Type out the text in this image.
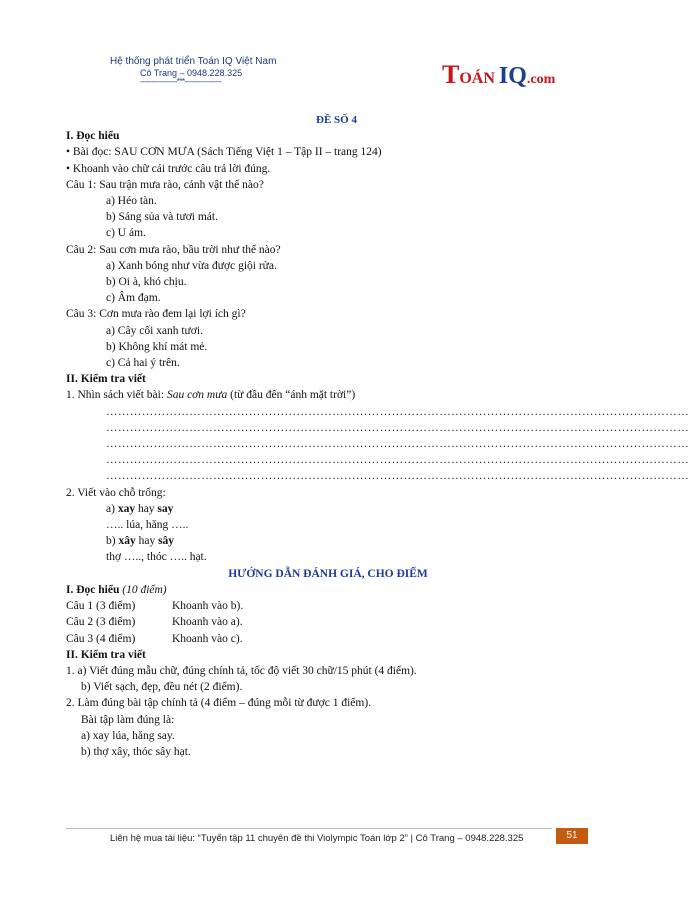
Hệ thống phát triển Toán IQ Việt Nam
Cô Trang – 0948.228.325
-----------------***-----------------	TOÁN IQ.com
ĐỀ SỐ 4
I. Đọc hiểu
• Bài đọc: SAU CƠN MƯA (Sách Tiếng Việt 1 – Tập II – trang 124)
• Khoanh vào chữ cái trước câu trả lời đúng.
Câu 1: Sau trận mưa rào, cảnh vật thế nào?
a) Héo tàn.
b) Sáng sủa và tươi mát.
c) U ám.
Câu 2: Sau cơn mưa rào, bầu trời như thế nào?
a) Xanh bóng như vừa được giội rửa.
b) Oi à, khó chịu.
c) Âm đạm.
Câu 3: Cơn mưa rào đem lại lợi ích gì?
a) Cây cối xanh tươi.
b) Không khí mát mẻ.
c) Cả hai ý trên.
II. Kiểm tra viết
1. Nhìn sách viết bài: Sau cơn mưa (từ đầu đến “ánh mặt trời”)
…………………………………………………………………………………………………………………………………
…………………………………………………………………………………………………………………………………
…………………………………………………………………………………………………………………………………
…………………………………………………………………………………………………………………………………
…………………………………………………………………………………………………………………………………
2. Viết vào chỗ trống:
a) xay hay say
….. lúa, hăng …..
b) xây hay sây
thợ ….., thóc ….. hạt.
HƯỚNG DẪN ĐÁNH GIÁ, CHO ĐIỂM
I. Đọc hiểu (10 điểm)
Câu 1 (3 điểm)	Khoanh vào b).
Câu 2 (3 điểm)	Khoanh vào a).
Câu 3 (4 điểm)	Khoanh vào c).
II. Kiểm tra viết
1. a) Viết đúng mẫu chữ, đúng chính tả, tốc độ viết 30 chữ/15 phút (4 điểm).
b) Viết sạch, đẹp, đều nét (2 điểm).
2. Làm đúng bài tập chính tả (4 điểm – đúng mỗi từ được 1 điểm).
Bài tập làm đúng là:
a) xay lúa, hăng say.
b) thợ xây, thóc sây hạt.
Liên hệ mua tài liệu: “Tuyển tập 11 chuyên đề thi Violympic Toán lớp 2” | Cô Trang – 0948.228.325	51
